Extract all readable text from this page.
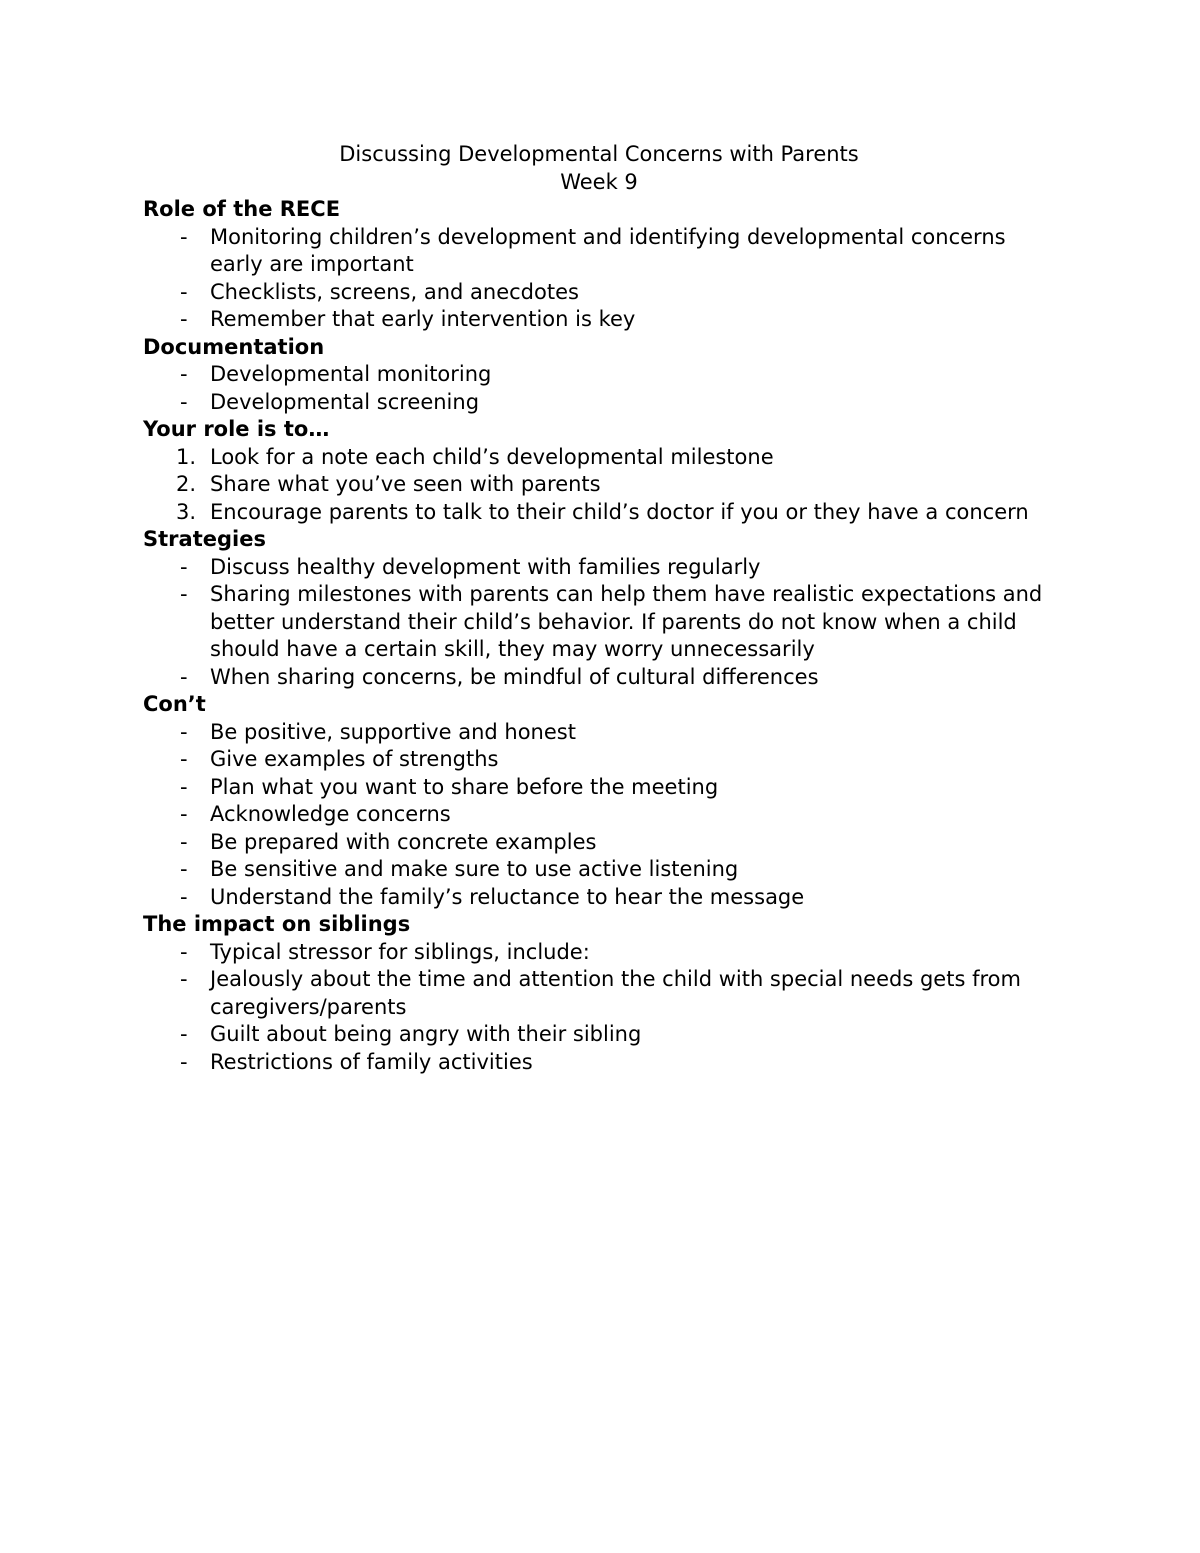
Discussing Developmental Concerns with Parents
Week 9
Role of the RECE
- Monitoring children’s development and identifying developmental concerns early are important
- Checklists, screens, and anecdotes
- Remember that early intervention is key
Documentation
- Developmental monitoring
- Developmental screening
Your role is to…
Look for a note each child’s developmental milestone
Share what you’ve seen with parents
Encourage parents to talk to their child’s doctor if you or they have a concern
Strategies
- Discuss healthy development with families regularly
- Sharing milestones with parents can help them have realistic expectations and better understand their child’s behavior. If parents do not know when a child should have a certain skill, they may worry unnecessarily
- When sharing concerns, be mindful of cultural differences
Con’t
- Be positive, supportive and honest
- Give examples of strengths
- Plan what you want to share before the meeting
- Acknowledge concerns
- Be prepared with concrete examples
- Be sensitive and make sure to use active listening
- Understand the family’s reluctance to hear the message
The impact on siblings
- Typical stressor for siblings, include:
- Jealously about the time and attention the child with special needs gets from caregivers/parents
- Guilt about being angry with their sibling
- Restrictions of family activities
